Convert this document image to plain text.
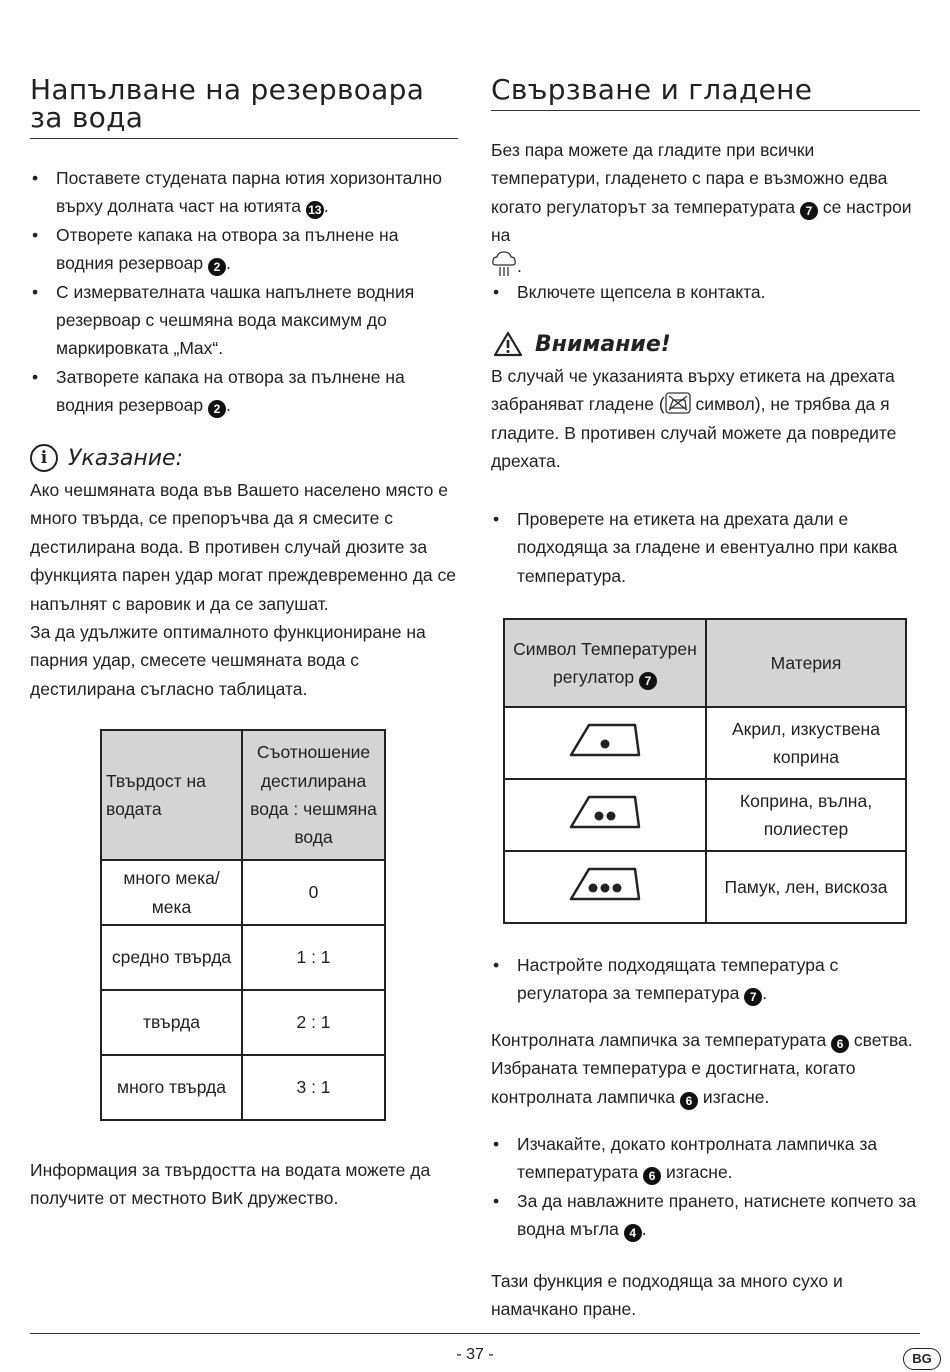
Напълване на резервоара за вода
• Поставете студената парна ютия хоризонтално върху долната част на ютията 13 .
• Отворете капака на отвора за пълнене на водния резервоар 2 .
• С измервателната чашка напълнете водния резервоар с чешмяна вода максимум до маркировката „Max“.
• Затворете капака на отвора за пълнене на водния резервоар 2 .
i Указание:
Ако чешмяната вода във Вашето населено място е много твърда, се препоръчва да я смесите с дестилирана вода. В противен случай дюзите за функцията парен удар могат преждевременно да се напълнят с варовик и да се запушат.
За да удължите оптималното функциониране на парния удар, смесете чешмяната вода с дестилирана съгласно таблицата.
Твърдост на водата	Съотношение дестилирана вода : чешмяна вода
много мека/мека	0
средно твърда	1 : 1
твърда	2 : 1
много твърда	3 : 1
Информация за твърдостта на водата можете да получите от местното ВиК дружество.
Свързване и гладене
Без пара можете да гладите при всички температури, гладенето с пара е възможно едва когато регулаторът за температурата 7 се настрои на
.
• Включете щепсела в контакта.
Внимание!
В случай че указанията върху етикета на дрехата забраняват гладене ( символ), не трябва да я гладите. В противен случай можете да повредите дрехата.
• Проверете на етикета на дрехата дали е подходяща за гладене и евентуално при каква температура.
Символ Температурен регулатор 7	Материя
	Акрил, изкуствена коприна
	Коприна, вълна, полиестер
	Памук, лен, вискоза
• Настройте подходящата температура с регулатора за температура 7 .
Контролната лампичка за температурата 6 светва. Избраната температура е достигната, когато контролната лампичка 6 изгасне.
• Изчакайте, докато контролната лампичка за температурата 6 изгасне.
• За да навлажните прането, натиснете копчето за водна мъгла 4 .
Тази функция е подходяща за много сухо и намачкано пране.
- 37 -	BG
